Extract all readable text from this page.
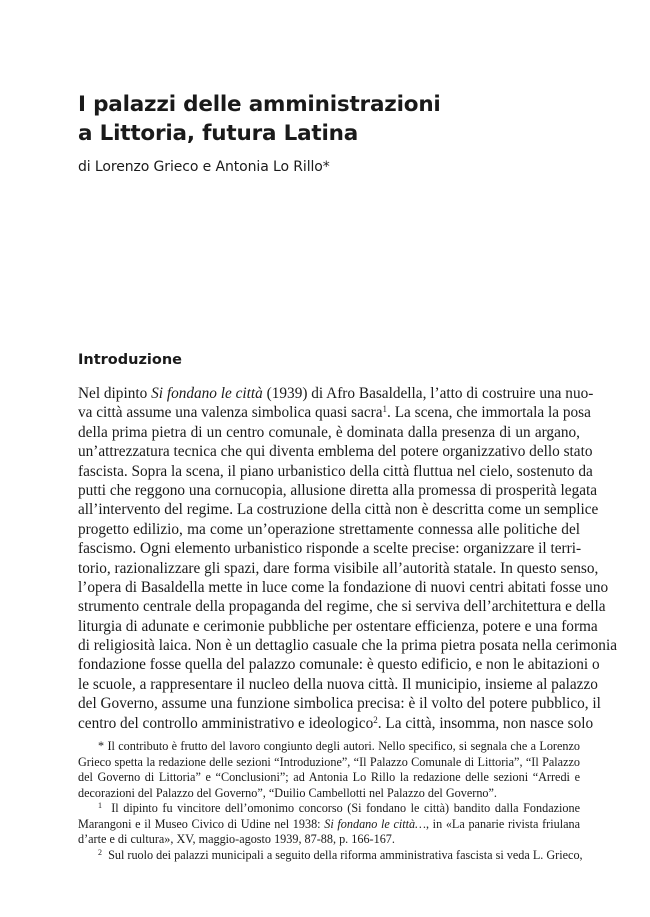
I palazzi delle amministrazioni
a Littoria, futura Latina
di Lorenzo Grieco e Antonia Lo Rillo*
Introduzione
Nel dipinto Si fondano le città (1939) di Afro Basaldella, l’atto di costruire una nuo-
va città assume una valenza simbolica quasi sacra$^1$. La scena, che immortala la posa
della prima pietra di un centro comunale, è dominata dalla presenza di un argano,
un’attrezzatura tecnica che qui diventa emblema del potere organizzativo dello stato
fascista. Sopra la scena, il piano urbanistico della città fluttua nel cielo, sostenuto da
putti che reggono una cornucopia, allusione diretta alla promessa di prosperità legata
all’intervento del regime. La costruzione della città non è descritta come un semplice
progetto edilizio, ma come un’operazione strettamente connessa alle politiche del
fascismo. Ogni elemento urbanistico risponde a scelte precise: organizzare il terri-
torio, razionalizzare gli spazi, dare forma visibile all’autorità statale. In questo senso,
l’opera di Basaldella mette in luce come la fondazione di nuovi centri abitati fosse uno
strumento centrale della propaganda del regime, che si serviva dell’architettura e della
liturgia di adunate e cerimonie pubbliche per ostentare efficienza, potere e una forma
di religiosità laica. Non è un dettaglio casuale che la prima pietra posata nella cerimonia
fondazione fosse quella del palazzo comunale: è questo edificio, e non le abitazioni o
le scuole, a rappresentare il nucleo della nuova città. Il municipio, insieme al palazzo
del Governo, assume una funzione simbolica precisa: è il volto del potere pubblico, il
centro del controllo amministrativo e ideologico$^2$. La città, insomma, non nasce solo
* Il contributo è frutto del lavoro congiunto degli autori. Nello specifico, si segnala che a Lorenzo
Grieco spetta la redazione delle sezioni “Introduzione”, “Il Palazzo Comunale di Littoria”, “Il Palazzo
del Governo di Littoria” e “Conclusioni”; ad Antonia Lo Rillo la redazione delle sezioni “Arredi e
decorazioni del Palazzo del Governo”, “Duilio Cambellotti nel Palazzo del Governo”.
$^1$ Il dipinto fu vincitore dell’omonimo concorso (Si fondano le città) bandito dalla Fondazione
Marangoni e il Museo Civico di Udine nel 1938: Si fondano le città…, in «La panarie rivista friulana
d’arte e di cultura», XV, maggio-agosto 1939, 87-88, p. 166-167.
$^2$ Sul ruolo dei palazzi municipali a seguito della riforma amministrativa fascista si veda L. Grieco,
